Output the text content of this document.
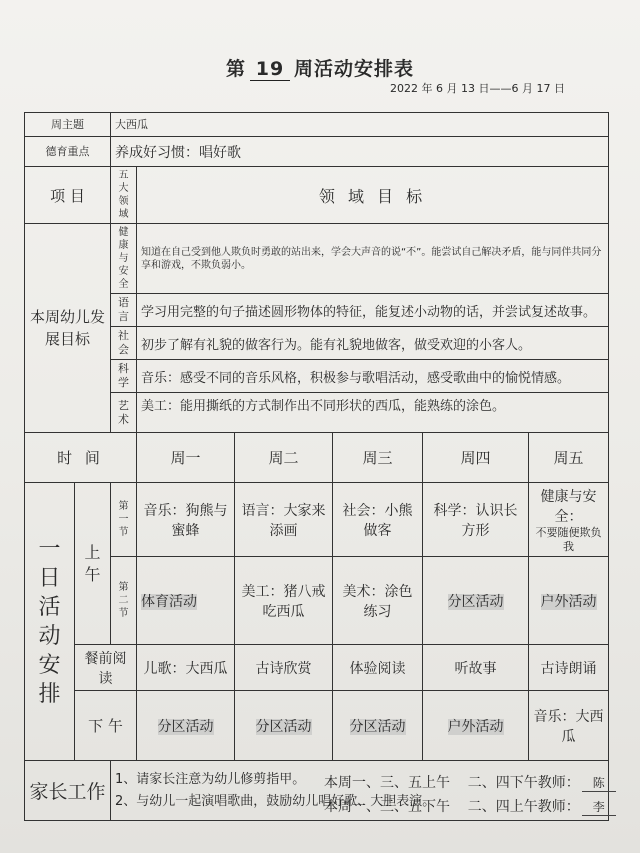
第 19 周活动安排表
2022 年 6 月 13 日——6 月 17 日
周主题		大西瓜					
德育重点		养成好习惯：唱好歌					
项 目		五大领域	领 域 目 标				
本周幼儿发展目标		健康与安全	知道在自己受到他人欺负时勇敢的站出来，学会大声音的说“不”。能尝试自己解决矛盾，能与同伴共同分享和游戏，不欺负弱小。				
		语言	学习用完整的句子描述圆形物体的特征，能复述小动物的话，并尝试复述故事。				
		社会	初步了解有礼貌的做客行为。能有礼貌地做客，做受欢迎的小客人。				
		科学	音乐：感受不同的音乐风格，积极参与歌唱活动，感受歌曲中的愉悦情感。				
		艺术	美工：能用撕纸的方式制作出不同形状的西瓜，能熟练的涂色。				
时 间			周一	周二	周三	周四	周五
一日活动安排	上午	第一节	音乐：狗熊与蜜蜂	语言：大家来添画	社会：小熊做客	科学：认识长方形	健康与安全：
不要随便欺负我

		第二节	体育活动	美工：猪八戒吃西瓜	美术：涂色练习	分区活动	户外活动
	餐前阅读		儿歌：大西瓜	古诗欣赏	体验阅读	听故事	古诗朗诵
	下 午		分区活动	分区活动	分区活动	户外活动	音乐：大西瓜
家长工作		1、请家长注意为幼儿修剪指甲。
2、与幼儿一起演唱歌曲，鼓励幼儿唱好歌、大胆表演。					
本周一、三、五上午    二、四下午教师： 陈
本周一、三、五下午    二、四上午教师： 李
